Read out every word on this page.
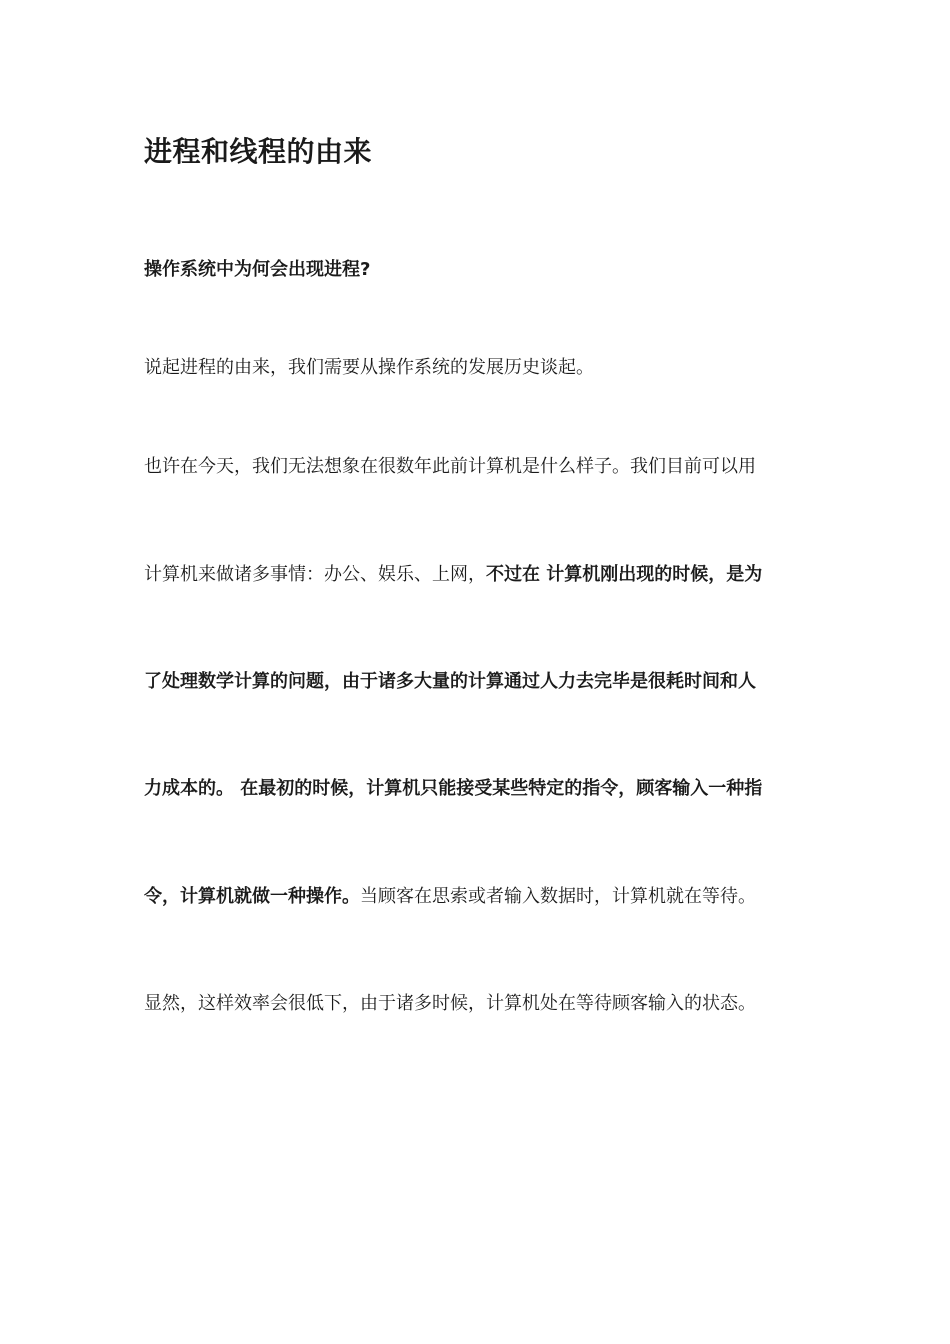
进程和线程的由来
操作系统中为何会出现进程?

说起进程的由来，我们需要从操作系统的发展历史谈起。

也许在今天，我们无法想象在很数年此前计算机是什么样子。我们目前可以用

计算机来做诸多事情：办公、娱乐、上网，不过在 计算机刚出现的时候，是为

了处理数学计算的问题，由于诸多大量的计算通过人力去完毕是很耗时间和人

力成本的。 在最初的时候，计算机只能接受某些特定的指令，顾客输入一种指

令，计算机就做一种操作。当顾客在思索或者输入数据时，计算机就在等待。

显然，这样效率会很低下，由于诸多时候，计算机处在等待顾客输入的状态。
